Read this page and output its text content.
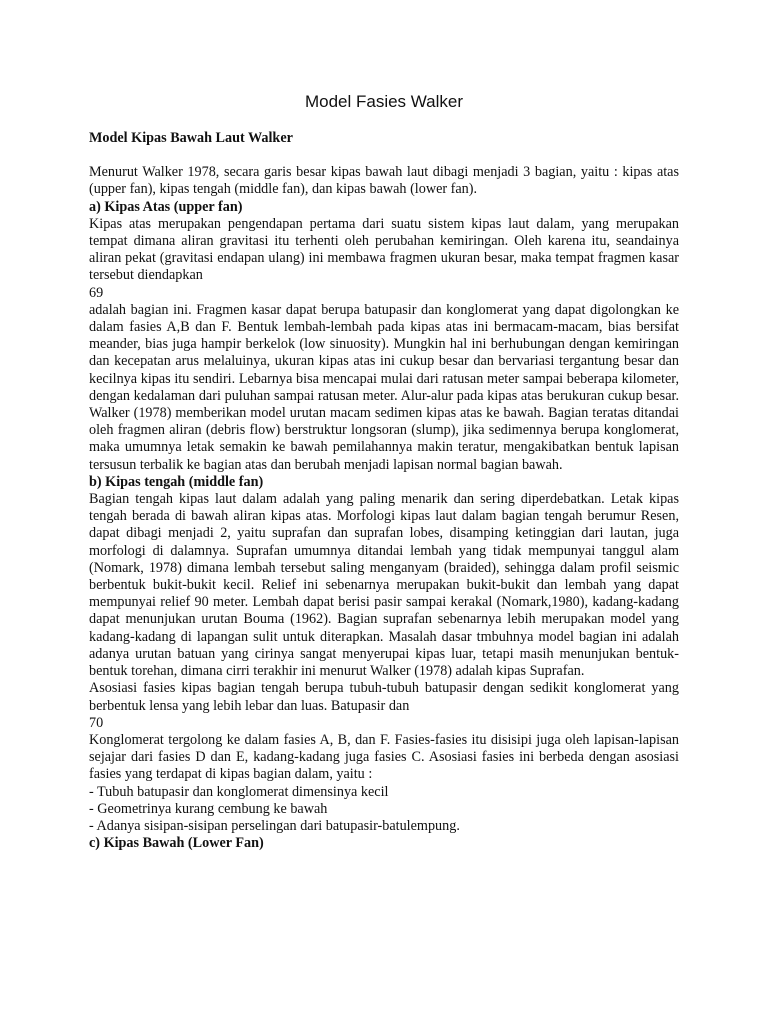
Model Fasies Walker

Model Kipas Bawah Laut Walker

Menurut Walker 1978, secara garis besar kipas bawah laut dibagi menjadi 3 bagian, yaitu : kipas atas (upper fan), kipas tengah (middle fan), dan kipas bawah (lower fan).

a) Kipas Atas (upper fan)

Kipas atas merupakan pengendapan pertama dari suatu sistem kipas laut dalam, yang merupakan tempat dimana aliran gravitasi itu terhenti oleh perubahan kemiringan. Oleh karena itu, seandainya aliran pekat (gravitasi endapan ulang) ini membawa fragmen ukuran besar, maka tempat fragmen kasar tersebut diendapkan

69

adalah bagian ini. Fragmen kasar dapat berupa batupasir dan konglomerat yang dapat digolongkan ke dalam fasies A,B dan F. Bentuk lembah-lembah pada kipas atas ini bermacam-macam, bias bersifat meander, bias juga hampir berkelok (low sinuosity). Mungkin hal ini berhubungan dengan kemiringan dan kecepatan arus melaluinya, ukuran kipas atas ini cukup besar dan bervariasi tergantung besar dan kecilnya kipas itu sendiri. Lebarnya bisa mencapai mulai dari ratusan meter sampai beberapa kilometer, dengan kedalaman dari puluhan sampai ratusan meter. Alur-alur pada kipas atas berukuran cukup besar. Walker (1978) memberikan model urutan macam sedimen kipas atas ke bawah. Bagian teratas ditandai oleh fragmen aliran (debris flow) berstruktur longsoran (slump), jika sedimennya berupa konglomerat, maka umumnya letak semakin ke bawah pemilahannya makin teratur, mengakibatkan bentuk lapisan tersusun terbalik ke bagian atas dan berubah menjadi lapisan normal bagian bawah.

b) Kipas tengah (middle fan)

Bagian tengah kipas laut dalam adalah yang paling menarik dan sering diperdebatkan. Letak kipas tengah berada di bawah aliran kipas atas. Morfologi kipas laut dalam bagian tengah berumur Resen, dapat dibagi menjadi 2, yaitu suprafan dan suprafan lobes, disamping ketinggian dari lautan, juga morfologi di dalamnya. Suprafan umumnya ditandai lembah yang tidak mempunyai tanggul alam (Nomark, 1978) dimana lembah tersebut saling menganyam (braided), sehingga dalam profil seismic berbentuk bukit-bukit kecil. Relief ini sebenarnya merupakan bukit-bukit dan lembah yang dapat mempunyai relief 90 meter. Lembah dapat berisi pasir sampai kerakal (Nomark,1980), kadang-kadang dapat menunjukan urutan Bouma (1962). Bagian suprafan sebenarnya lebih merupakan model yang kadang-kadang di lapangan sulit untuk diterapkan. Masalah dasar tmbuhnya model bagian ini adalah adanya urutan batuan yang cirinya sangat menyerupai kipas luar, tetapi masih menunjukan bentuk-bentuk torehan, dimana cirri terakhir ini menurut Walker (1978) adalah kipas Suprafan.

Asosiasi fasies kipas bagian tengah berupa tubuh-tubuh batupasir dengan sedikit konglomerat yang berbentuk lensa yang lebih lebar dan luas. Batupasir dan

70

Konglomerat tergolong ke dalam fasies A, B, dan F. Fasies-fasies itu disisipi juga oleh lapisan-lapisan sejajar dari fasies D dan E, kadang-kadang juga fasies C. Asosiasi fasies ini berbeda dengan asosiasi fasies yang terdapat di kipas bagian dalam, yaitu :

- Tubuh batupasir dan konglomerat dimensinya kecil

- Geometrinya kurang cembung ke bawah

- Adanya sisipan-sisipan perselingan dari batupasir-batulempung.

c) Kipas Bawah (Lower Fan)
